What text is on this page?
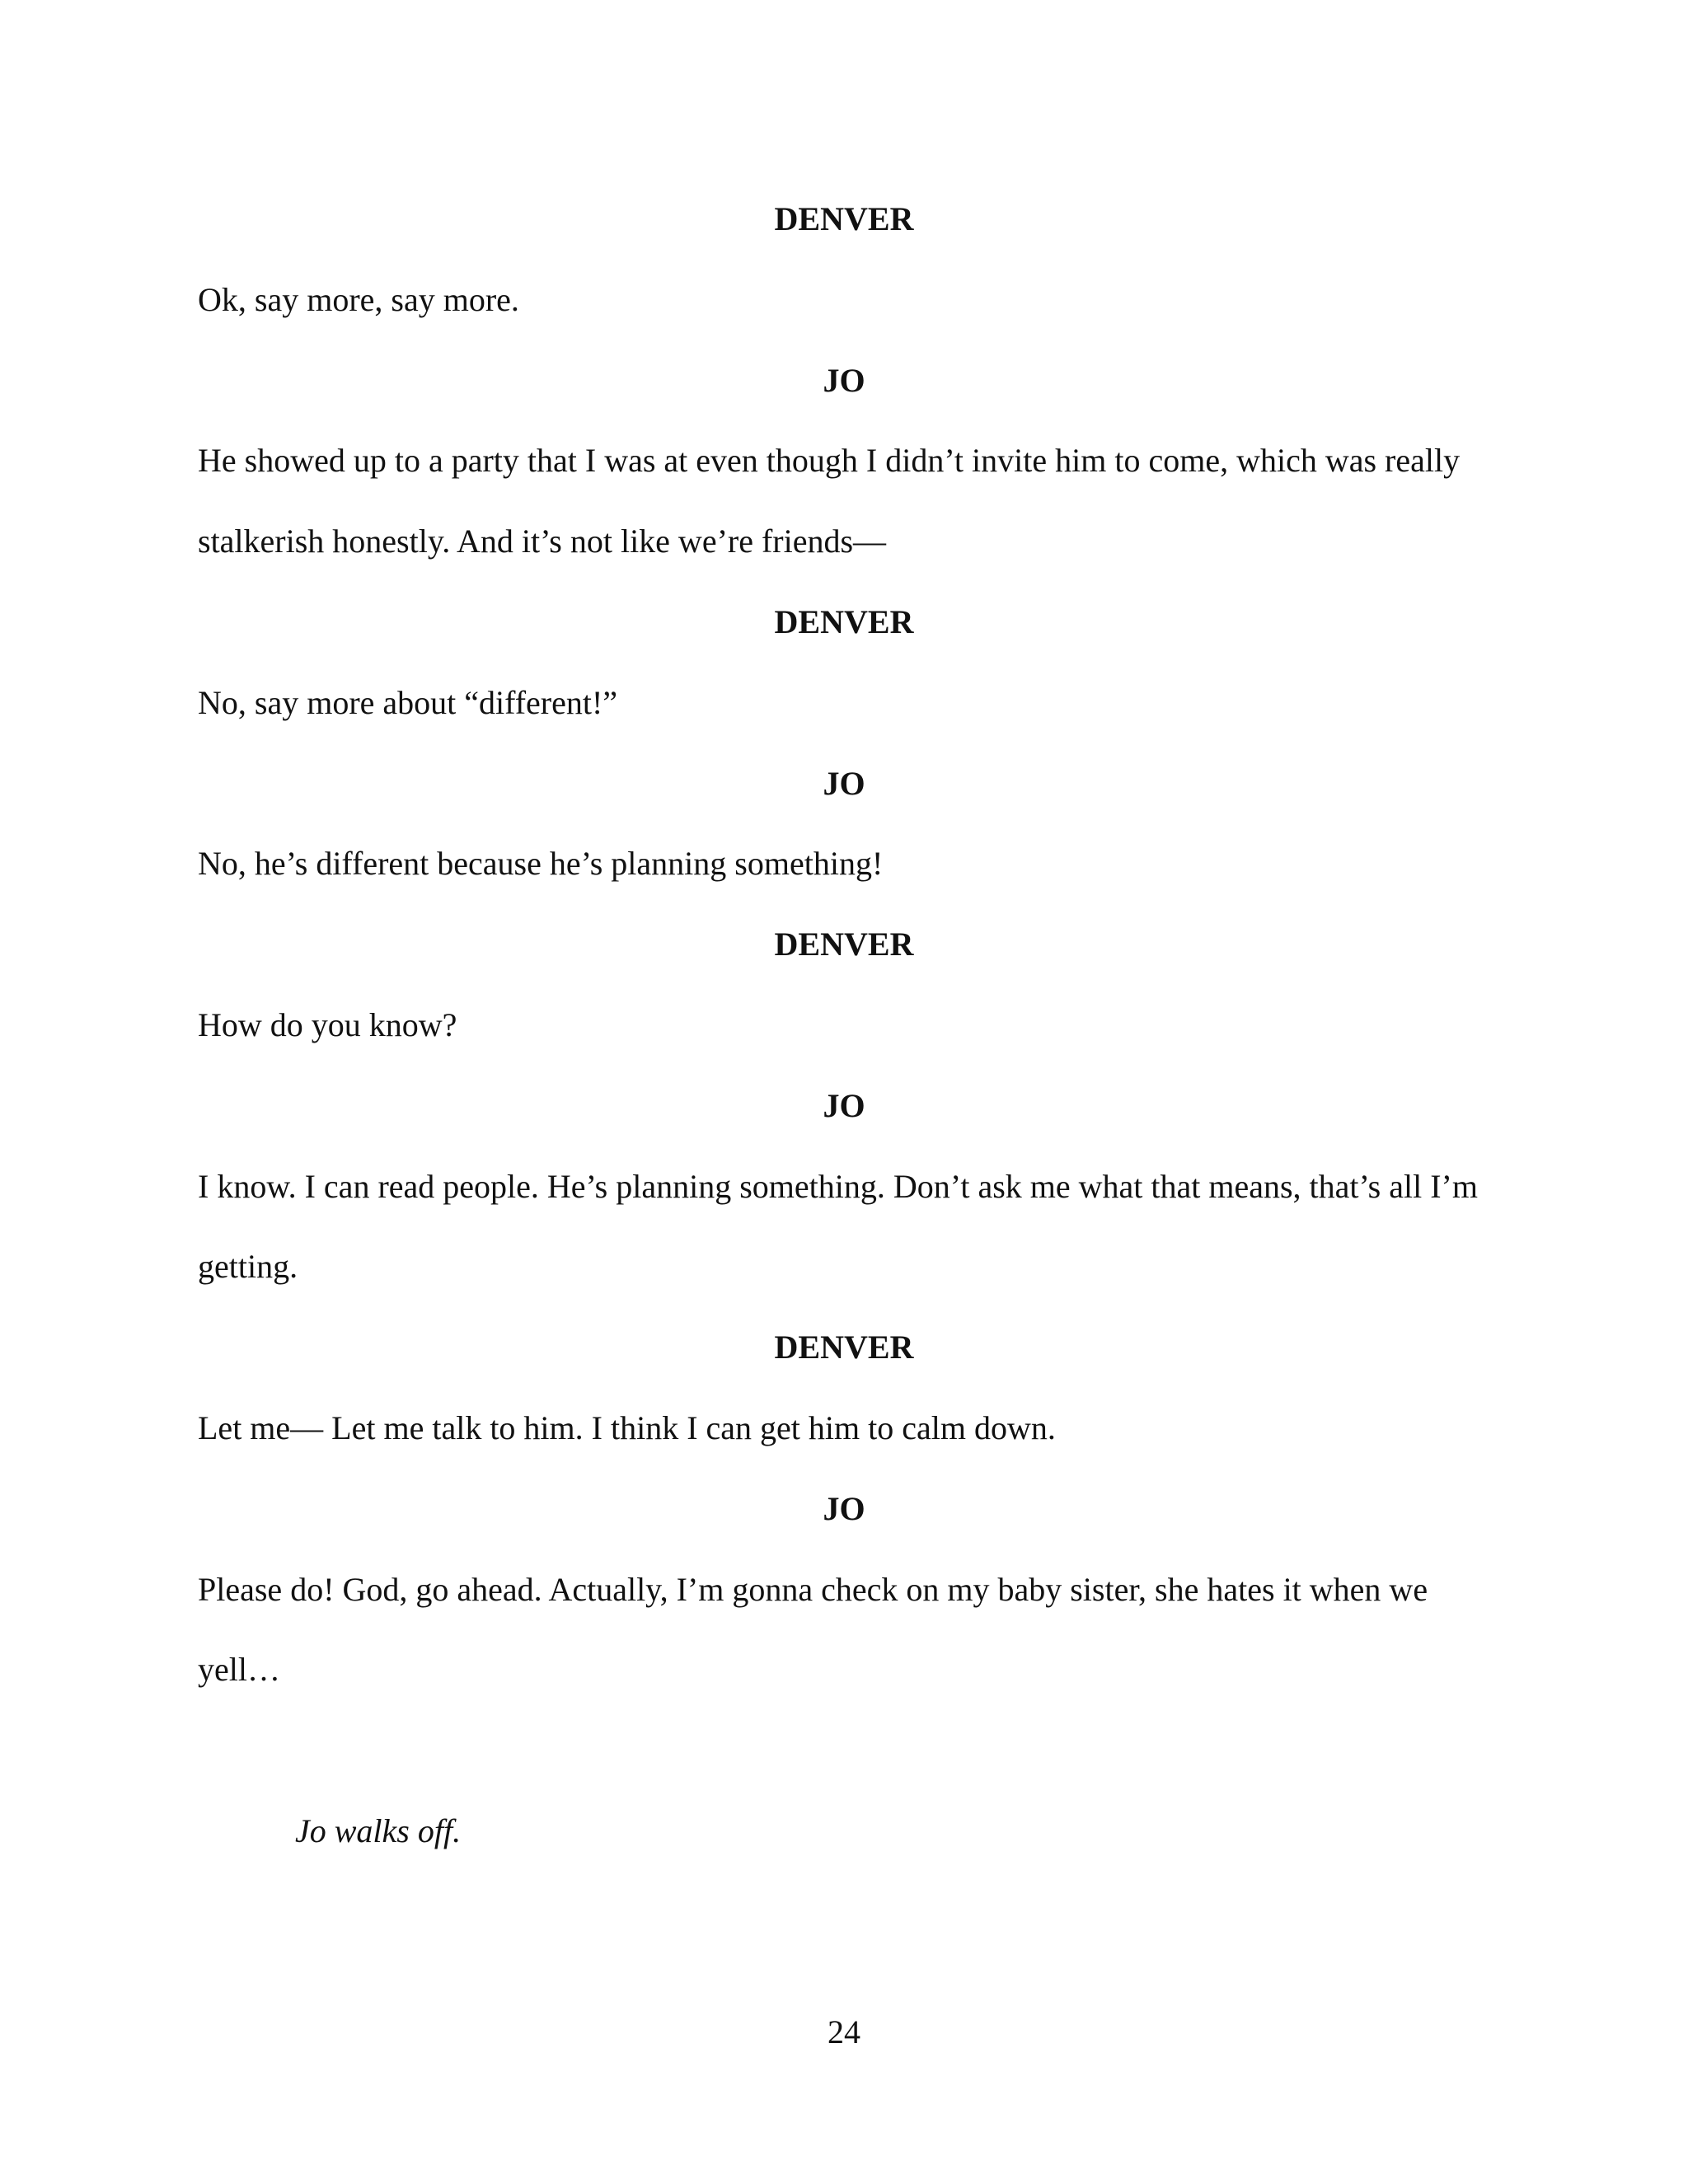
DENVER

Ok, say more, say more.

JO

He showed up to a party that I was at even though I didn’t invite him to come, which was really

stalkerish honestly. And it’s not like we’re friends—

DENVER

No, say more about “different!”

JO

No, he’s different because he’s planning something!

DENVER

How do you know?

JO

I know. I can read people. He’s planning something. Don’t ask me what that means, that’s all I’m

getting.

DENVER

Let me— Let me talk to him. I think I can get him to calm down.

JO

Please do! God, go ahead. Actually, I’m gonna check on my baby sister, she hates it when we

yell…

Jo walks off.

24
